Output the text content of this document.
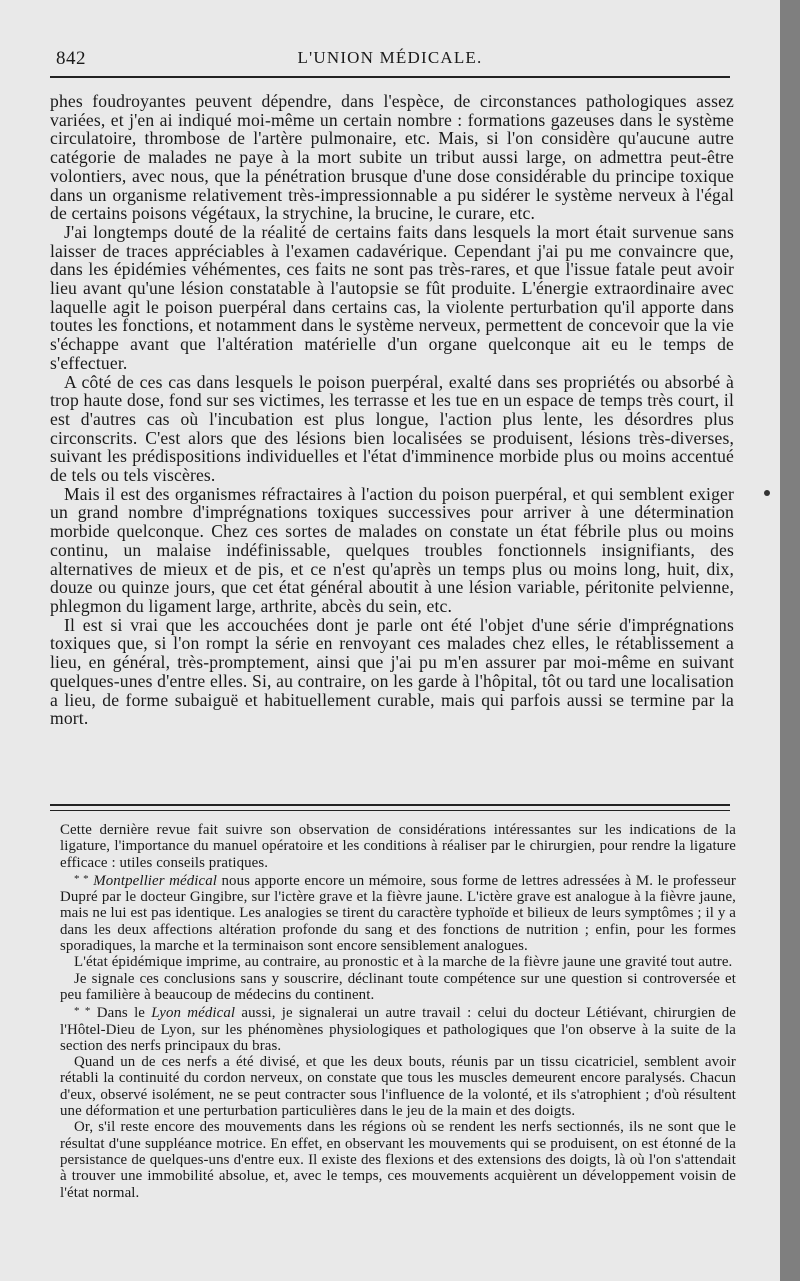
842	L'UNION MÉDICALE.

phes foudroyantes peuvent dépendre, dans l'espèce, de circonstances pathologiques assez variées, et j'en ai indiqué moi-même un certain nombre : formations gazeuses dans le système circulatoire, thrombose de l'artère pulmonaire, etc. Mais, si l'on considère qu'aucune autre catégorie de malades ne paye à la mort subite un tribut aussi large, on admettra peut-être volontiers, avec nous, que la pénétration brusque d'une dose considérable du principe toxique dans un organisme relativement très-impressionnable a pu sidérer le système nerveux à l'égal de certains poisons végétaux, la strychine, la brucine, le curare, etc.

J'ai longtemps douté de la réalité de certains faits dans lesquels la mort était survenue sans laisser de traces appréciables à l'examen cadavérique. Cependant j'ai pu me convaincre que, dans les épidémies véhémentes, ces faits ne sont pas très-rares, et que l'issue fatale peut avoir lieu avant qu'une lésion constatable à l'autopsie se fût produite. L'énergie extraordinaire avec laquelle agit le poison puerpéral dans certains cas, la violente perturbation qu'il apporte dans toutes les fonctions, et notamment dans le système nerveux, permettent de concevoir que la vie s'échappe avant que l'altération matérielle d'un organe quelconque ait eu le temps de s'effectuer.

A côté de ces cas dans lesquels le poison puerpéral, exalté dans ses propriétés ou absorbé à trop haute dose, fond sur ses victimes, les terrasse et les tue en un espace de temps très court, il est d'autres cas où l'incubation est plus longue, l'action plus lente, les désordres plus circonscrits. C'est alors que des lésions bien localisées se produisent, lésions très-diverses, suivant les prédispositions individuelles et l'état d'imminence morbide plus ou moins accentué de tels ou tels viscères.

Mais il est des organismes réfractaires à l'action du poison puerpéral, et qui semblent exiger un grand nombre d'imprégnations toxiques successives pour arriver à une détermination morbide quelconque. Chez ces sortes de malades on constate un état fébrile plus ou moins continu, un malaise indéfinissable, quelques troubles fonctionnels insignifiants, des alternatives de mieux et de pis, et ce n'est qu'après un temps plus ou moins long, huit, dix, douze ou quinze jours, que cet état général aboutit à une lésion variable, péritonite pelvienne, phlegmon du ligament large, arthrite, abcès du sein, etc.

Il est si vrai que les accouchées dont je parle ont été l'objet d'une série d'imprégnations toxiques que, si l'on rompt la série en renvoyant ces malades chez elles, le rétablissement a lieu, en général, très-promptement, ainsi que j'ai pu m'en assurer par moi-même en suivant quelques-unes d'entre elles. Si, au contraire, on les garde à l'hôpital, tôt ou tard une localisation a lieu, de forme subaiguë et habituellement curable, mais qui parfois aussi se termine par la mort.

Cette dernière revue fait suivre son observation de considérations intéressantes sur les indications de la ligature, l'importance du manuel opératoire et les conditions à réaliser par le chirurgien, pour rendre la ligature efficace : utiles conseils pratiques.

* * Montpellier médical nous apporte encore un mémoire, sous forme de lettres adressées à M. le professeur Dupré par le docteur Gingibre, sur l'ictère grave et la fièvre jaune. L'ictère grave est analogue à la fièvre jaune, mais ne lui est pas identique. Les analogies se tirent du caractère typhoïde et bilieux de leurs symptômes ; il y a dans les deux affections altération profonde du sang et des fonctions de nutrition ; enfin, pour les formes sporadiques, la marche et la terminaison sont encore sensiblement analogues.

L'état épidémique imprime, au contraire, au pronostic et à la marche de la fièvre jaune une gravité tout autre.

Je signale ces conclusions sans y souscrire, déclinant toute compétence sur une question si controversée et peu familière à beaucoup de médecins du continent.

* * Dans le Lyon médical aussi, je signalerai un autre travail : celui du docteur Létiévant, chirurgien de l'Hôtel-Dieu de Lyon, sur les phénomènes physiologiques et pathologiques que l'on observe à la suite de la section des nerfs principaux du bras.

Quand un de ces nerfs a été divisé, et que les deux bouts, réunis par un tissu cicatriciel, semblent avoir rétabli la continuité du cordon nerveux, on constate que tous les muscles demeurent encore paralysés. Chacun d'eux, observé isolément, ne se peut contracter sous l'influence de la volonté, et ils s'atrophient ; d'où résultent une déformation et une perturbation particulières dans le jeu de la main et des doigts.

Or, s'il reste encore des mouvements dans les régions où se rendent les nerfs sectionnés, ils ne sont que le résultat d'une suppléance motrice. En effet, en observant les mouvements qui se produisent, on est étonné de la persistance de quelques-uns d'entre eux. Il existe des flexions et des extensions des doigts, là où l'on s'attendait à trouver une immobilité absolue, et, avec le temps, ces mouvements acquièrent un développement voisin de l'état normal.
